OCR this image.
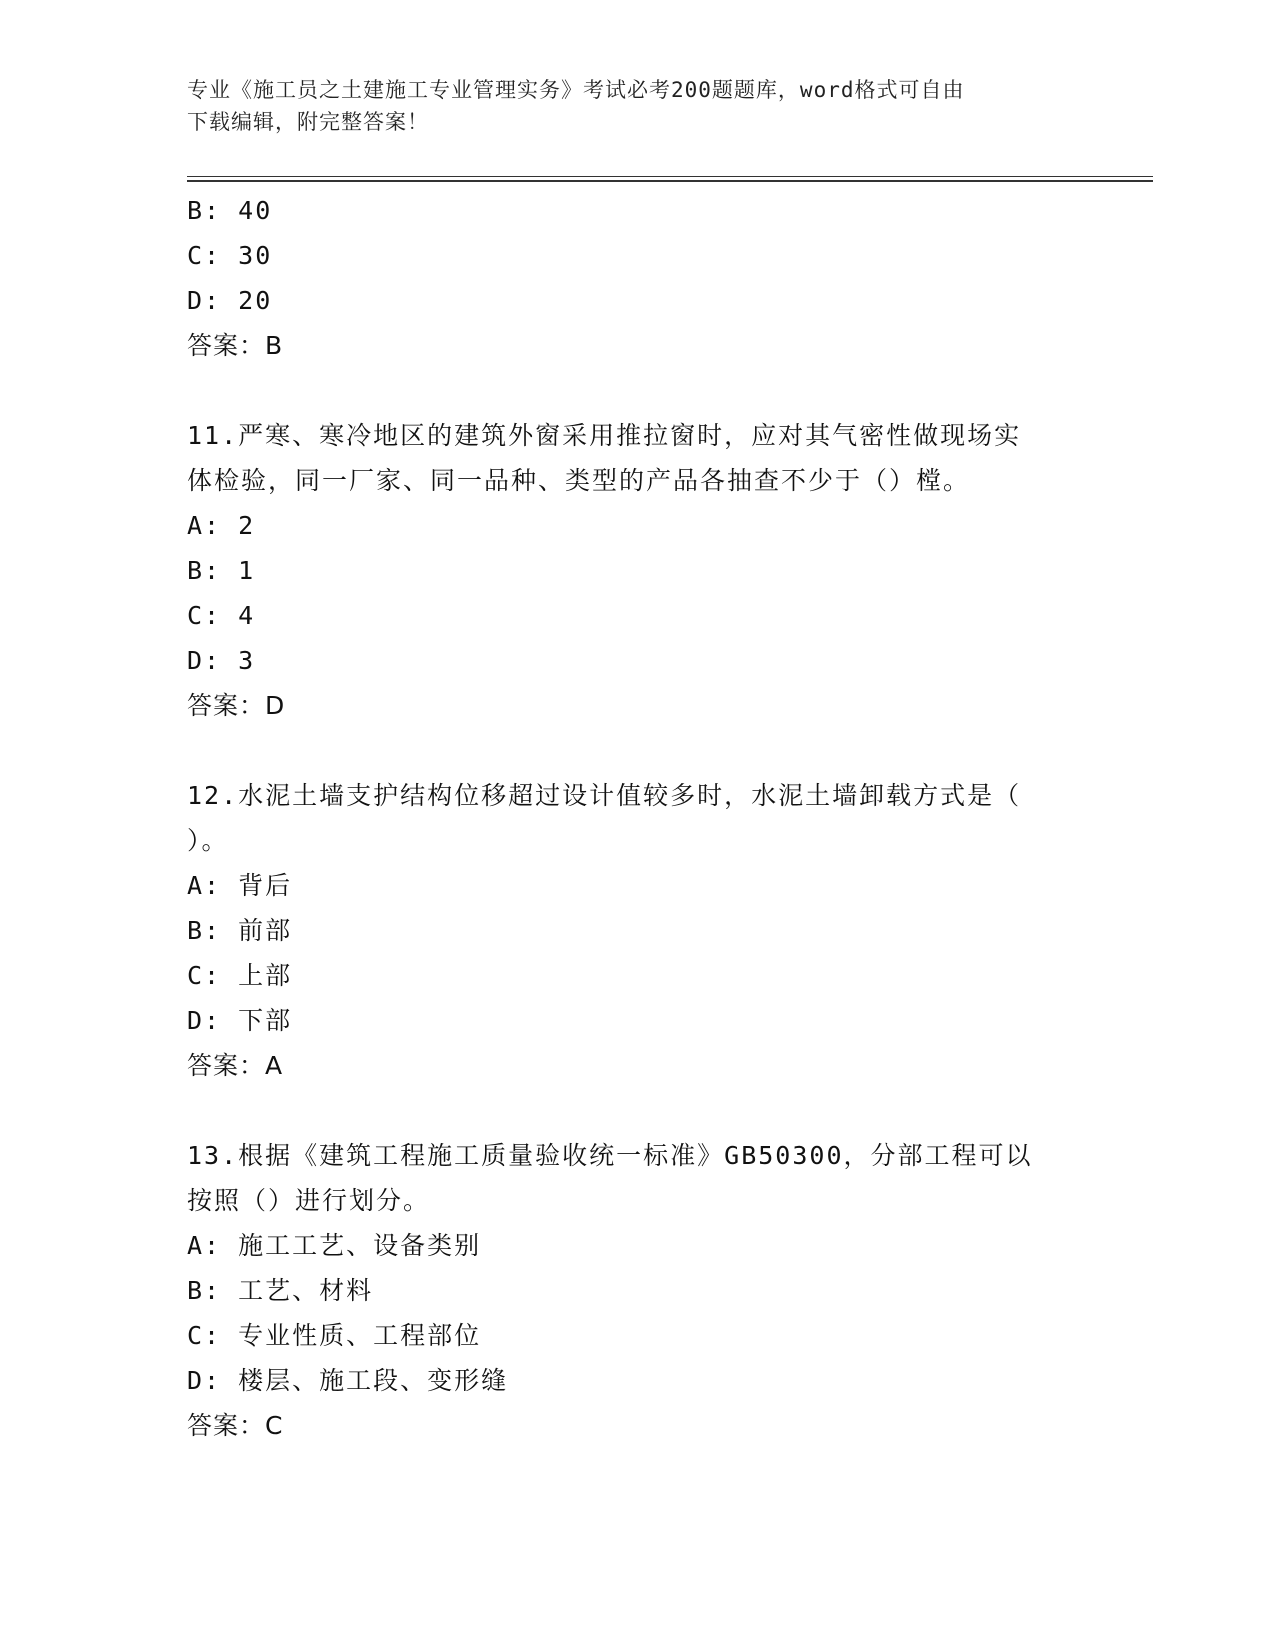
专业《施工员之土建施工专业管理实务》考试必考200题题库，word格式可自由
下载编辑，附完整答案！
B: 40
C: 30
D: 20
答案：B
11.严寒、寒冷地区的建筑外窗采用推拉窗时，应对其气密性做现场实
体检验，同一厂家、同一品种、类型的产品各抽查不少于（）樘。
A: 2
B: 1
C: 4
D: 3
答案：D
12.水泥土墙支护结构位移超过设计值较多时，水泥土墙卸载方式是（
）。
A: 背后
B: 前部
C: 上部
D: 下部
答案：A
13.根据《建筑工程施工质量验收统一标准》GB50300，分部工程可以
按照（）进行划分。
A: 施工工艺、设备类别
B: 工艺、材料
C: 专业性质、工程部位
D: 楼层、施工段、变形缝
答案：C
